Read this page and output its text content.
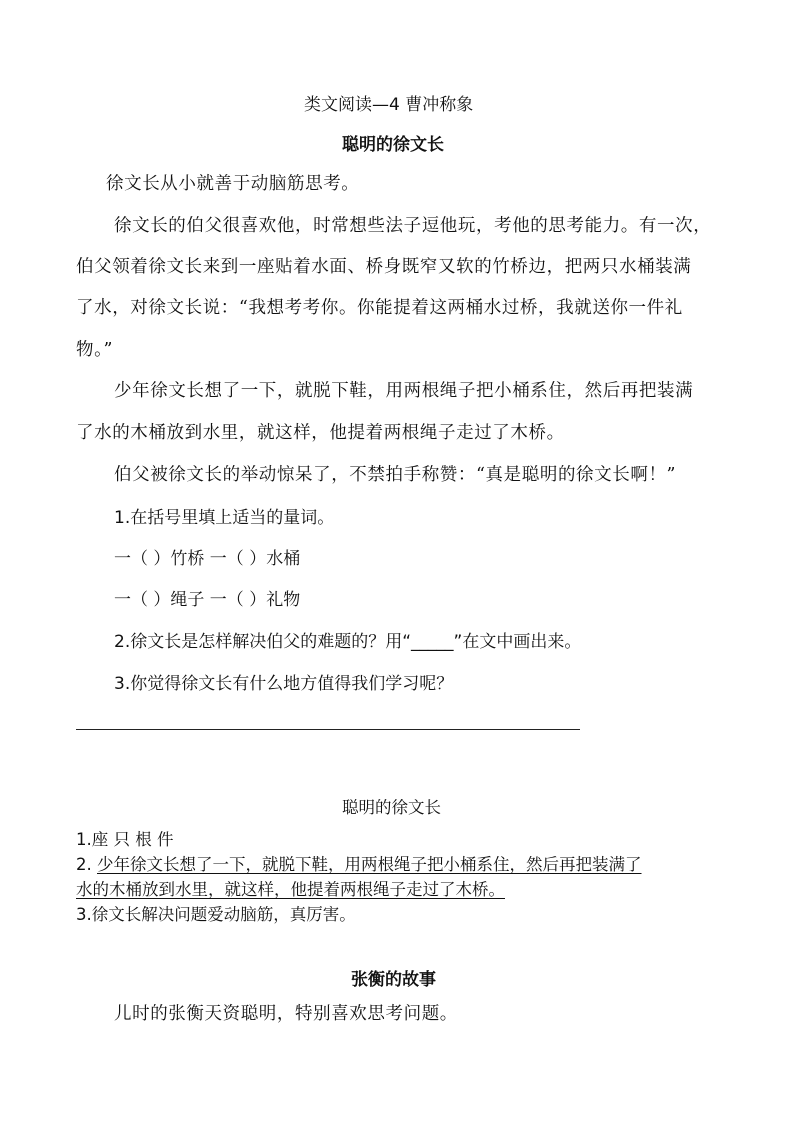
类文阅读—4 曹冲称象
聪明的徐文长
徐文长从小就善于动脑筋思考。
徐文长的伯父很喜欢他，时常想些法子逗他玩，考他的思考能力。有一次，
伯父领着徐文长来到一座贴着水面、桥身既窄又软的竹桥边，把两只水桶装满
了水，对徐文长说：“我想考考你。你能提着这两桶水过桥，我就送你一件礼
物。”
少年徐文长想了一下，就脱下鞋，用两根绳子把小桶系住，然后再把装满
了水的木桶放到水里，就这样，他提着两根绳子走过了木桥。
伯父被徐文长的举动惊呆了，不禁拍手称赞：“真是聪明的徐文长啊！”
1.在括号里填上适当的量词。
一（ ）竹桥 一（ ）水桶
一（ ）绳子 一（ ）礼物
2.徐文长是怎样解决伯父的难题的？用“_____”在文中画出来。
3.你觉得徐文长有什么地方值得我们学习呢？
聪明的徐文长
1.座 只 根 件
2. 少年徐文长想了一下，就脱下鞋，用两根绳子把小桶系住，然后再把装满了
水的木桶放到水里，就这样，他提着两根绳子走过了木桥。
3.徐文长解决问题爱动脑筋，真厉害。
张衡的故事
儿时的张衡天资聪明，特别喜欢思考问题。
